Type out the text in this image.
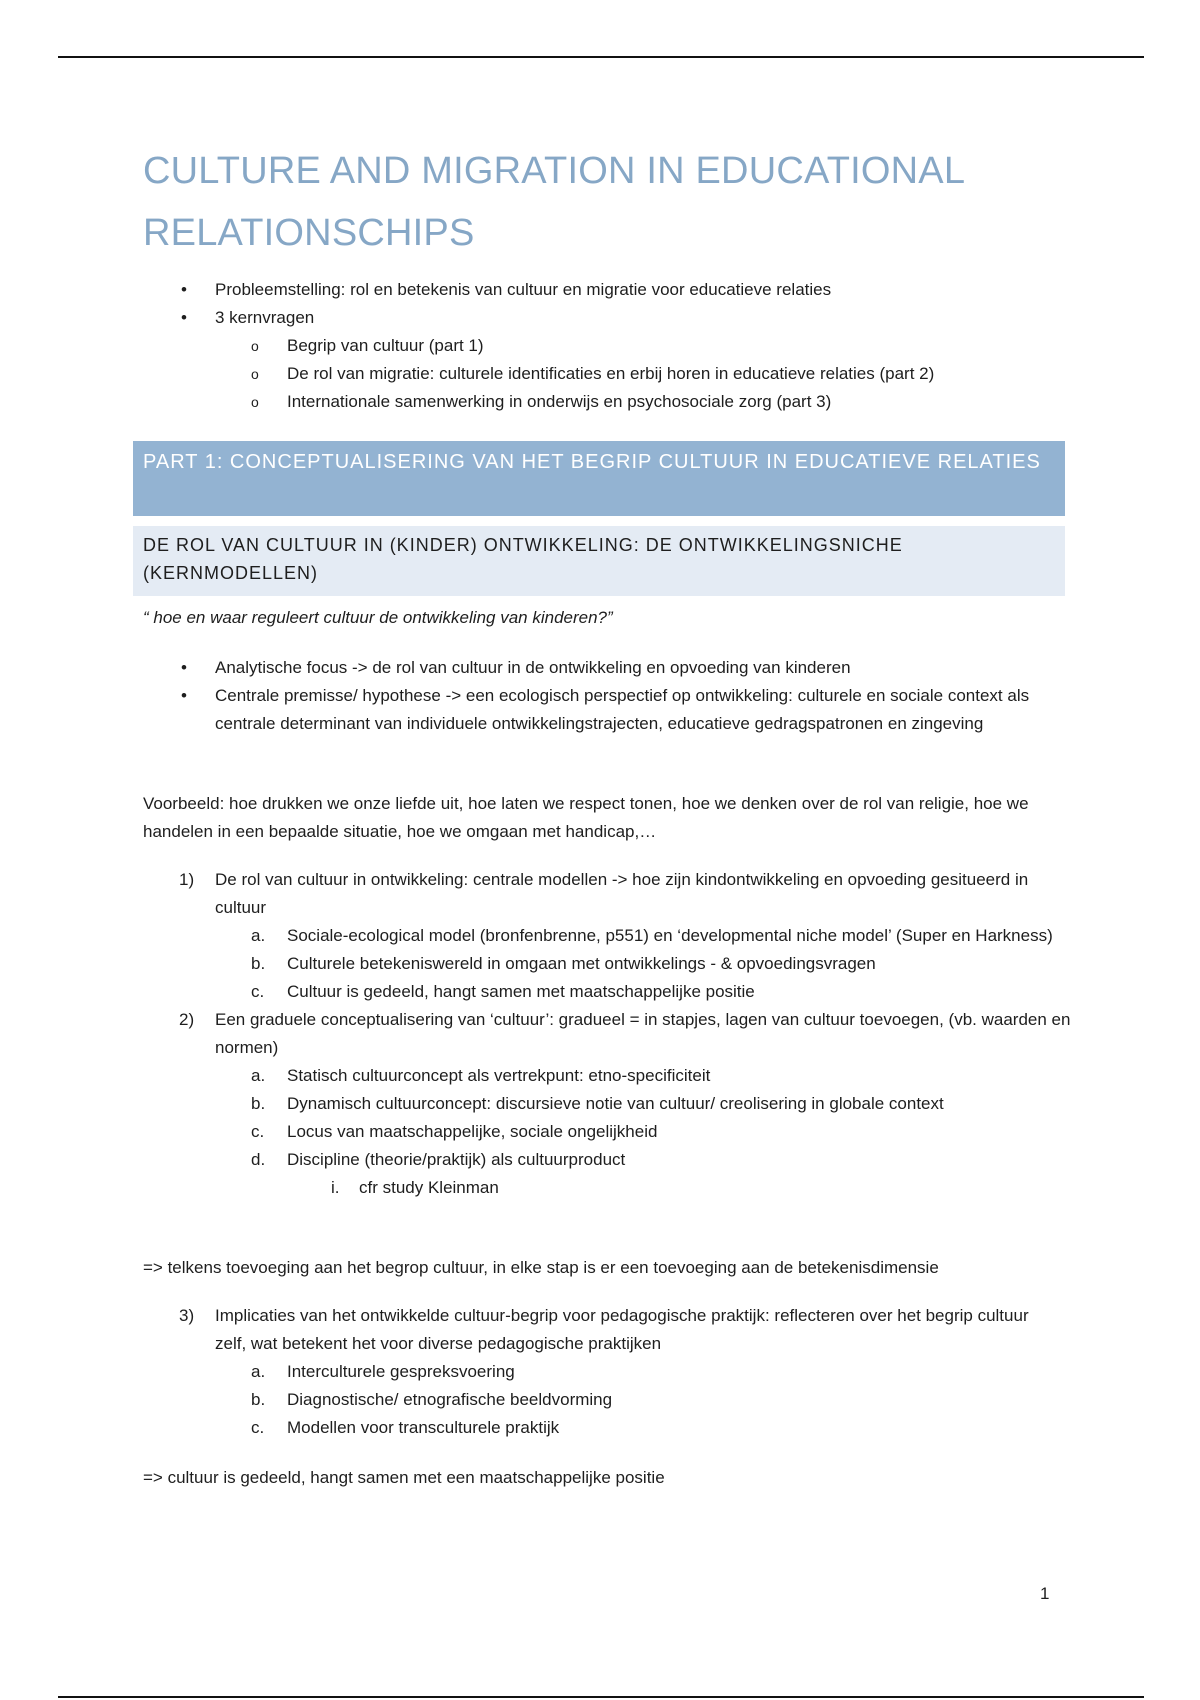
CULTURE AND MIGRATION IN EDUCATIONAL RELATIONSCHIPS
• Probleemstelling: rol en betekenis van cultuur en migratie voor educatieve relaties
• 3 kernvragen
o Begrip van cultuur (part 1)
o De rol van migratie: culturele identificaties en erbij horen in educatieve relaties (part 2)
o Internationale samenwerking in onderwijs en psychosociale zorg (part 3)
PART 1: CONCEPTUALISERING VAN HET BEGRIP CULTUUR IN EDUCATIEVE RELATIES
DE ROL VAN CULTUUR IN (KINDER) ONTWIKKELING: DE ONTWIKKELINGSNICHE (KERNMODELLEN)
“ hoe en waar reguleert cultuur de ontwikkeling van kinderen?”
• Analytische focus -> de rol van cultuur in de ontwikkeling en opvoeding van kinderen
• Centrale premisse/ hypothese -> een ecologisch perspectief op ontwikkeling: culturele en sociale context als centrale determinant van individuele ontwikkelingstrajecten, educatieve gedragspatronen en zingeving
Voorbeeld: hoe drukken we onze liefde uit, hoe laten we respect tonen, hoe we denken over de rol van religie, hoe we handelen in een bepaalde situatie, hoe we omgaan met handicap,…
1) De rol van cultuur in ontwikkeling: centrale modellen -> hoe zijn kindontwikkeling en opvoeding gesitueerd in cultuur
a. Sociale-ecological model (bronfenbrenne, p551) en ‘developmental niche model’ (Super en Harkness)
b. Culturele betekeniswereld in omgaan met ontwikkelings - & opvoedingsvragen
c. Cultuur is gedeeld, hangt samen met maatschappelijke positie
2) Een graduele conceptualisering van ‘cultuur’: gradueel = in stapjes, lagen van cultuur toevoegen, (vb. waarden en normen)
a. Statisch cultuurconcept als vertrekpunt: etno-specificiteit
b. Dynamisch cultuurconcept: discursieve notie van cultuur/ creolisering in globale context
c. Locus van maatschappelijke, sociale ongelijkheid
d. Discipline (theorie/praktijk) als cultuurproduct
i. cfr study Kleinman
=> telkens toevoeging aan het begrop cultuur, in elke stap is er een toevoeging aan de betekenisdimensie
3) Implicaties van het ontwikkelde cultuur-begrip voor pedagogische praktijk: reflecteren over het begrip cultuur zelf, wat betekent het voor diverse pedagogische praktijken
a. Interculturele gespreksvoering
b. Diagnostische/ etnografische beeldvorming
c. Modellen voor transculturele praktijk
=> cultuur is gedeeld, hangt samen met een maatschappelijke positie
1
